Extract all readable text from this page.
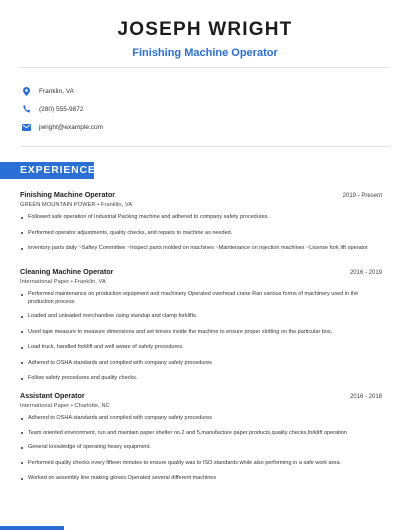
JOSEPH WRIGHT
Finishing Machine Operator
Franklin, VA
(280) 555-9872
jwright@example.com
EXPERIENCE
Finishing Machine Operator	2019 - Present
GREEN MOUNTAIN POWER • Franklin, VA
Followed safe operation of Industrial Packing machine and adhered to company safety procedures.
Performed operator adjustments, quality checks, and repairs to machine as needed.
inventory parts daily ~Saftey Committee ~Inspect parts molded on machines ~Maintenance on injection machines ~License fork lift operator
Cleaning Machine Operator	2016 - 2019
International Paper • Franklin, VA
Performed maintenance on production equipment and machinery Operated overhead crane Ran various forms of machinery used in the production process
Loaded and unloaded merchandise using standup and clamp forklifts.
Used tape measure to measure dimensions and set knives inside the machine to ensure proper slotting on the particular box.
Load truck, handled forklift and well aware of safety procedures.
Adhered to OSHA standards and complied with company safety procedures
Follow safety procedures and quality checks.
Assistant Operator	2016 - 2018
International Paper • Charlotte, NC
Adhered to OSHA standards and complied with company safety procedures
Team oriented environment, run and maintain paper shelter no.2 and 5,manufacture paper products,quality checks,forklift operation
General knowledge of operating heavy equipment.
Performed quality checks every fifteen minutes to ensure quality was to ISO standards while also performing in a safe work area.
Worked on assembly line making gloves.Operated several different machines
